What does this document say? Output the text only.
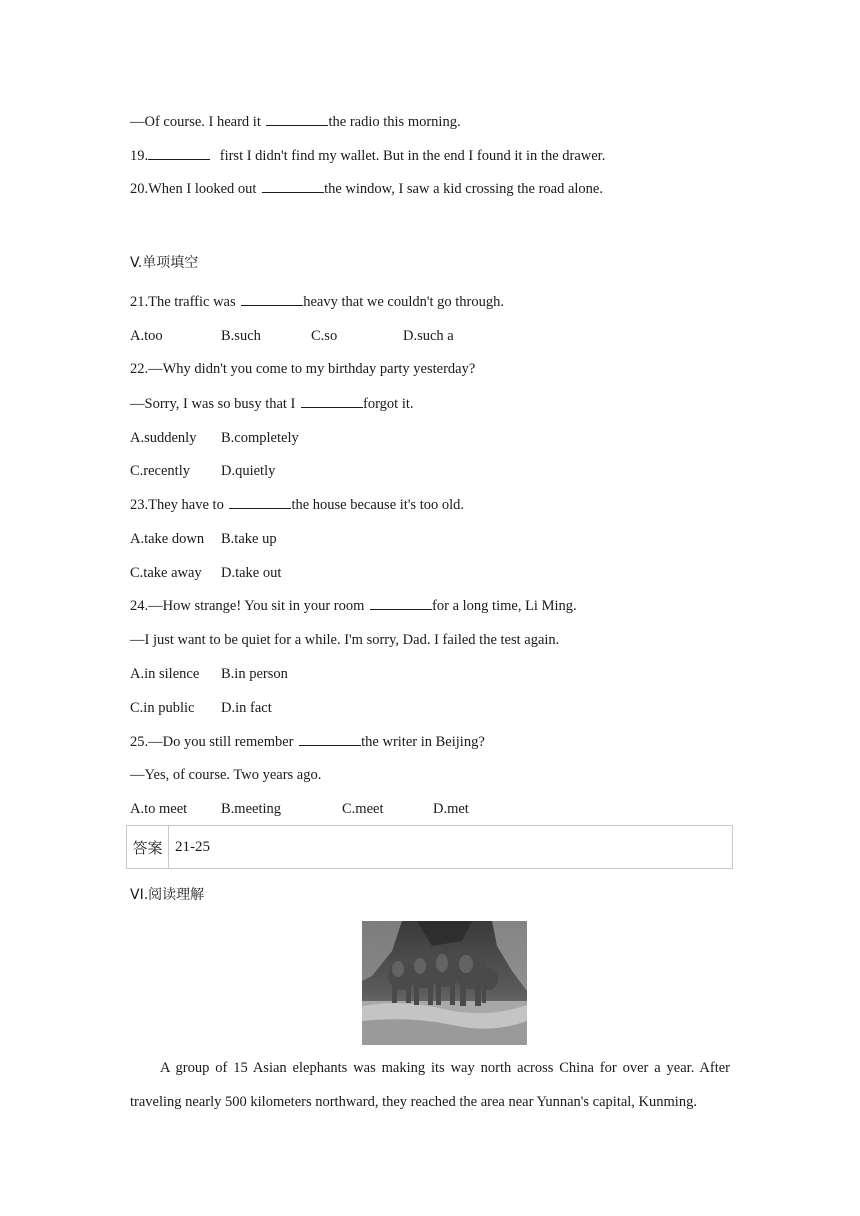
—Of course. I heard it	the radio this morning.
19.	first I didn't find my wallet. But in the end I found it in the drawer.
20.When I looked out	the window, I saw a kid crossing the road alone.
V.单项填空
21.The traffic was	heavy that we couldn't go through.
A.too	B.such	C.so	D.such a
22.—Why didn't you come to my birthday party yesterday?
—Sorry, I was so busy that I	forgot it.
A.suddenly B.completely
C.recently D.quietly
23.They have to	the house because it's too old.
A.take down B.take up
C.take away D.take out
24.—How strange! You sit in your room	for a long time, Li Ming.
—I just want to be quiet for a while. I'm sorry, Dad. I failed the test again.
A.in silence B.in person
C.in public D.in fact
25.—Do you still remember	the writer in Beijing?
—Yes, of course. Two years ago.
A.to meet B.meeting	C.meet	D.met
答案 21-25
VI.阅读理解
A group of 15 Asian elephants was making its way north across China for over a year. After traveling nearly 500 kilometers northward, they reached the area near Yunnan's capital, Kunming.
